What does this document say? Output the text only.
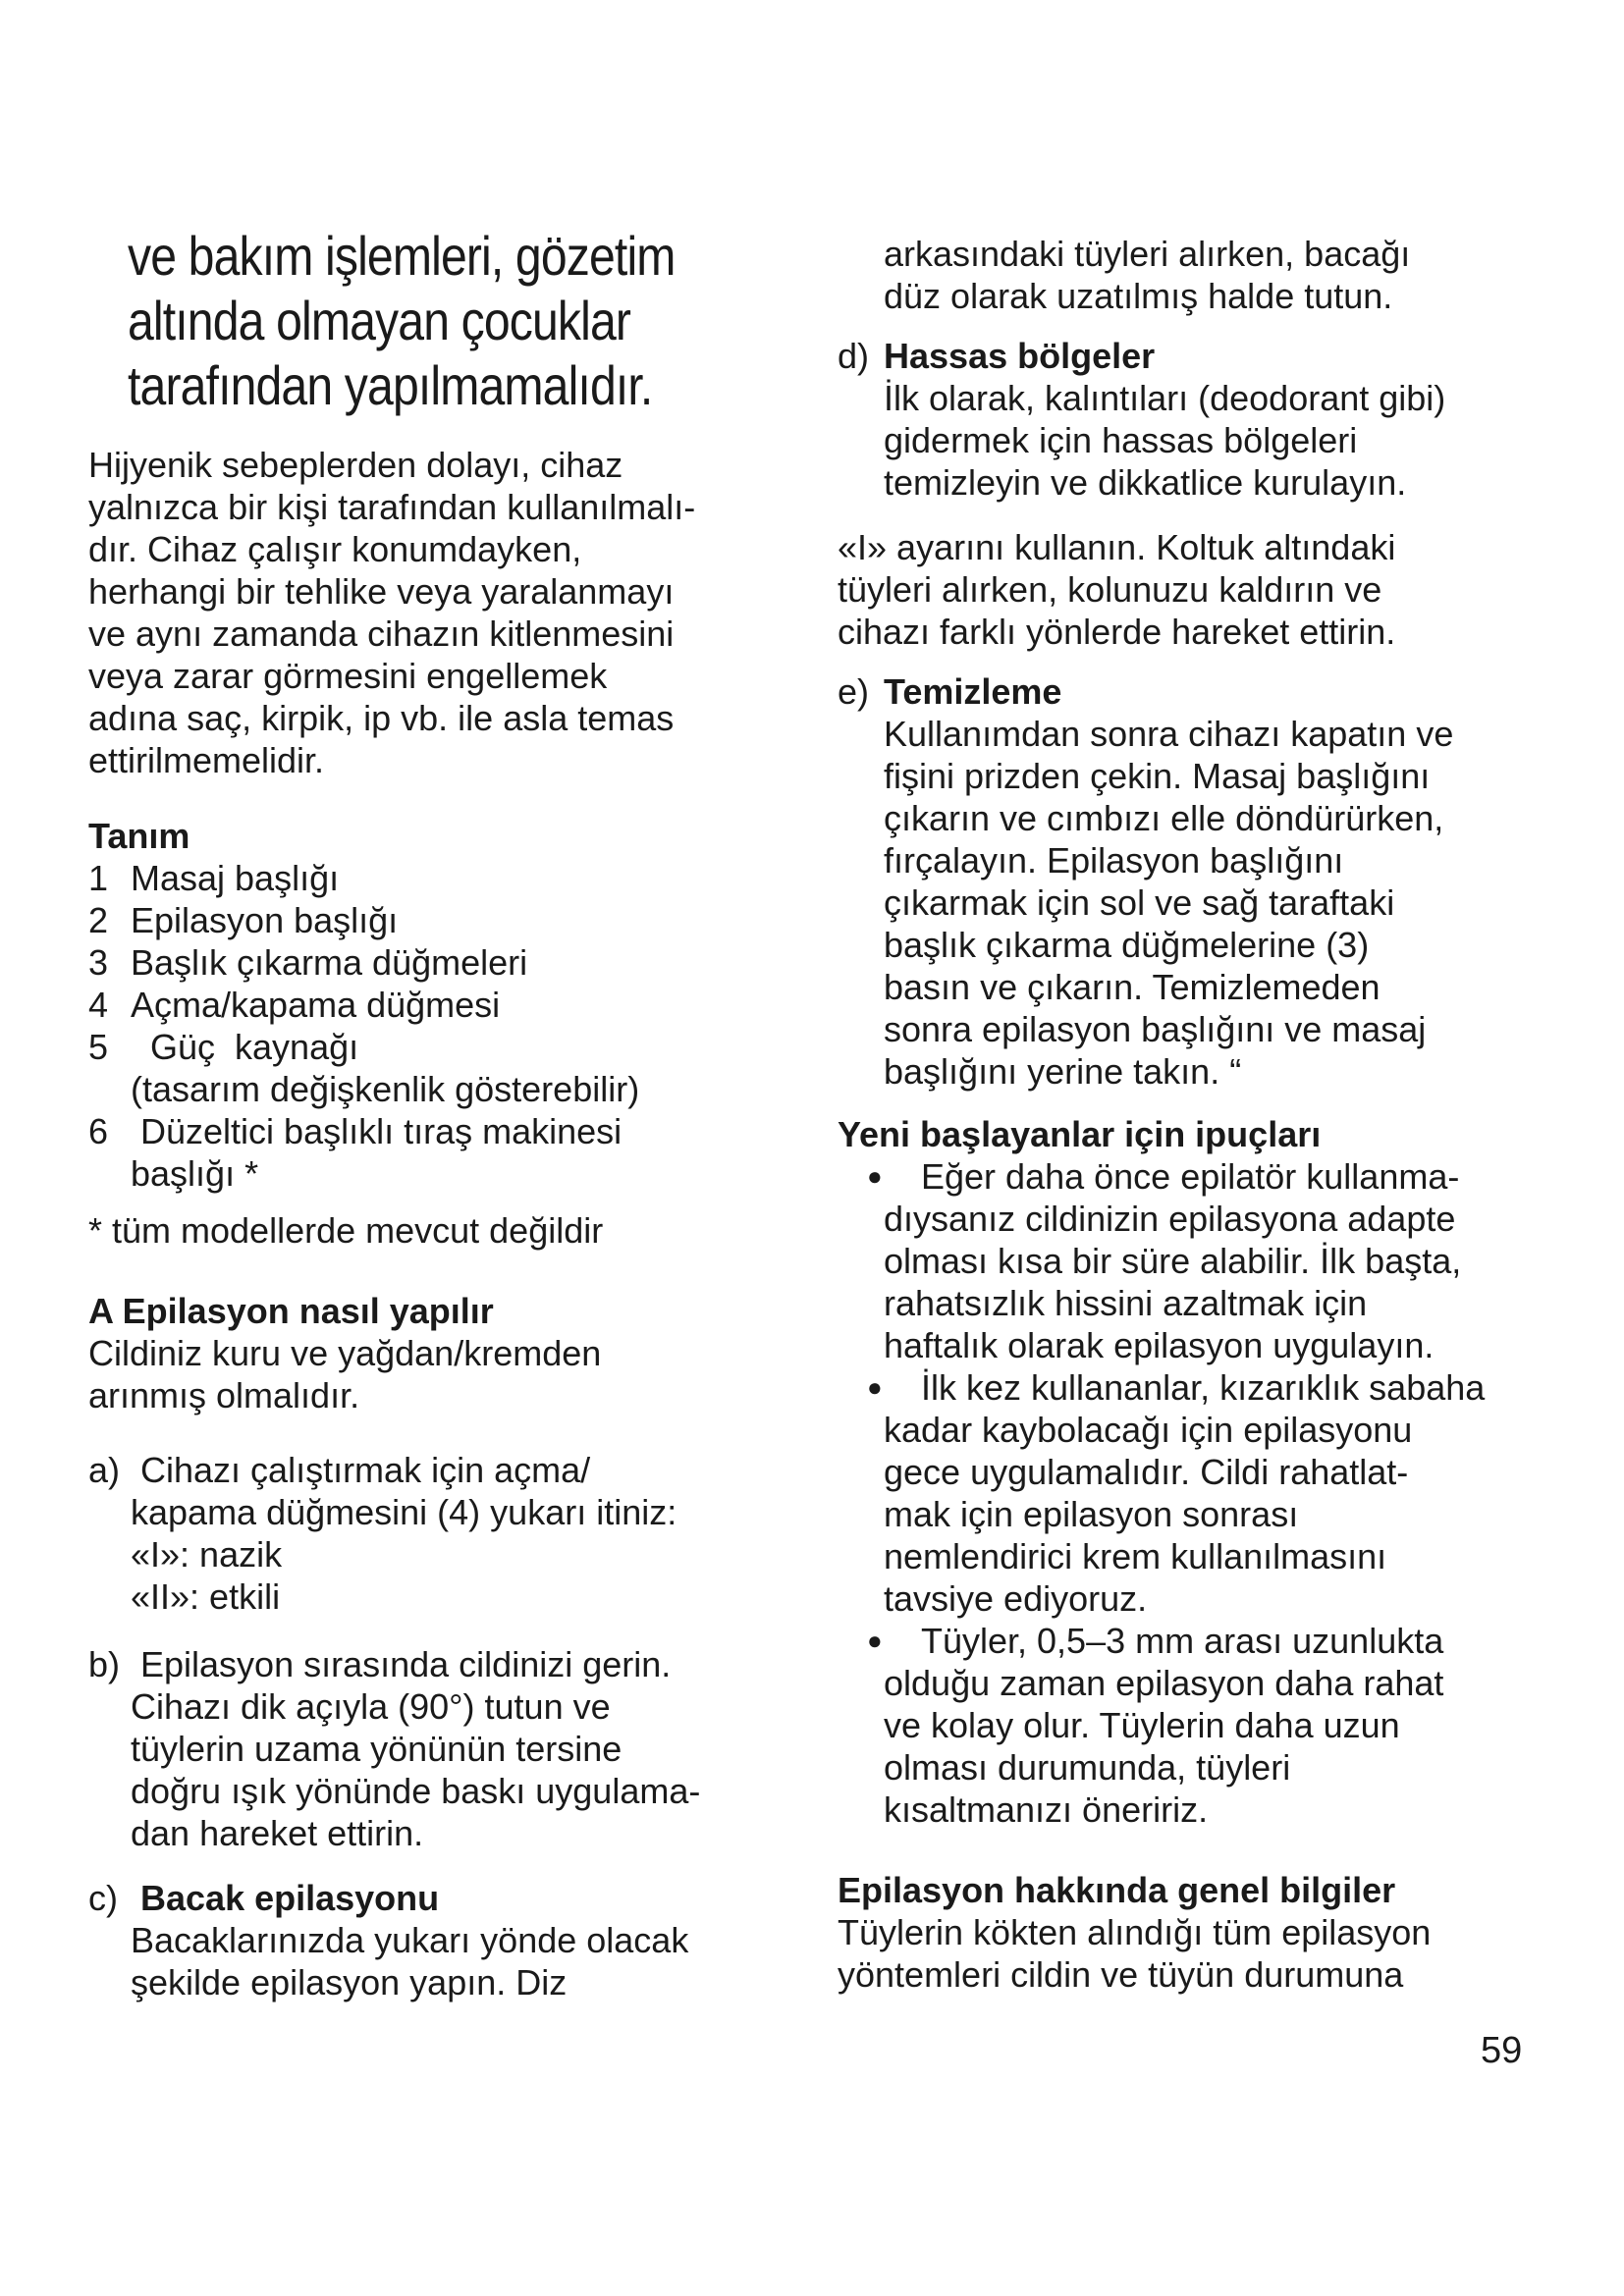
ve bakım işlemleri, gözetim

altında olmayan çocuklar

tarafından yapılmamalıdır.

Hijyenik sebeplerden dolayı, cihaz

yalnızca bir kişi tarafından kullanılmalı-

dır. Cihaz çalışır konumdayken,

herhangi bir tehlike veya yaralanmayı

ve aynı zamanda cihazın kitlenmesini

veya zarar görmesini engellemek

adına saç, kirpik, ip vb. ile asla temas

ettirilmemelidir.

Tanım

1 Masaj başlığı
2 Epilasyon başlığı
3 Başlık çıkarma düğmeleri
4 Açma/kapama düğmesi
5 Güç  kaynağı
(tasarım değişkenlik gösterebilir)
6 Düzeltici başlıklı tıraş makinesi
başlığı *

* tüm modellerde mevcut değildir

A Epilasyon nasıl yapılır

Cildiniz kuru ve yağdan/kremden

arınmış olmalıdır.

a) Cihazı çalıştırmak için açma/

kapama düğmesini (4) yukarı itiniz:

«I»: nazik

«II»: etkili

b) Epilasyon sırasında cildinizi gerin.

Cihazı dik açıyla (90°) tutun ve

tüylerin uzama yönünün tersine

doğru ışık yönünde baskı uygulama-

dan hareket ettirin.

c) Bacak epilasyonu

Bacaklarınızda yukarı yönde olacak

şekilde epilasyon yapın. Diz

arkasındaki tüyleri alırken, bacağı

düz olarak uzatılmış halde tutun.

d) Hassas bölgeler

İlk olarak, kalıntıları (deodorant gibi)

gidermek için hassas bölgeleri

temizleyin ve dikkatlice kurulayın.

«I» ayarını kullanın. Koltuk altındaki

tüyleri alırken, kolunuzu kaldırın ve

cihazı farklı yönlerde hareket ettirin.

e) Temizleme

Kullanımdan sonra cihazı kapatın ve

fişini prizden çekin. Masaj başlığını

çıkarın ve cımbızı elle döndürürken,

fırçalayın. Epilasyon başlığını

çıkarmak için sol ve sağ taraftaki

başlık çıkarma düğmelerine (3)

basın ve çıkarın. Temizlemeden

sonra epilasyon başlığını ve masaj

başlığını yerine takın. “

Yeni başlayanlar için ipuçları

●	Eğer daha önce epilatör kullanma-

dıysanız cildinizin epilasyona adapte

olması kısa bir süre alabilir. İlk başta,

rahatsızlık hissini azaltmak için

haftalık olarak epilasyon uygulayın.

●	İlk kez kullananlar, kızarıklık sabaha

kadar kaybolacağı için epilasyonu

gece uygulamalıdır. Cildi rahatlat-

mak için epilasyon sonrası

nemlendirici krem kullanılmasını

tavsiye ediyoruz.

●	Tüyler, 0,5–3 mm arası uzunlukta

olduğu zaman epilasyon daha rahat

ve kolay olur. Tüylerin daha uzun

olması durumunda, tüyleri

kısaltmanızı öneririz.

Epilasyon hakkında genel bilgiler

Tüylerin kökten alındığı tüm epilasyon

yöntemleri cildin ve tüyün durumuna

59
